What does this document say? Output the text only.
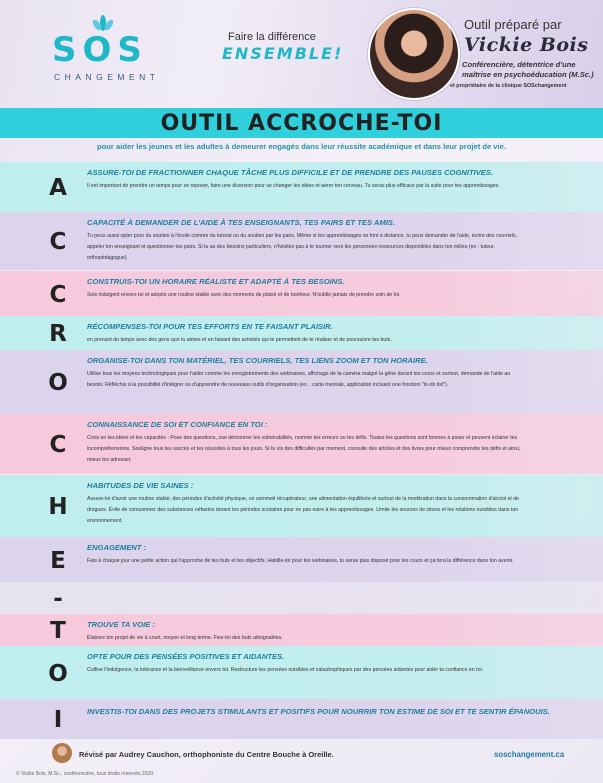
SOS
CHANGEMENT
Faire la différence
ENSEMBLE!
Outil préparé par
Vickie Bois
Conférencière, détentrice d'une maîtrise en psychoéducation (M.Sc.)
et propriétaire de la clinique SOSchangement
OUTIL ACCROCHE-TOI
pour aider les jeunes et les adultes à demeurer engagés dans leur réussite académique et dans leur projet de vie.
A
ASSURE-TOI DE FRACTIONNER CHAQUE TÂCHE PLUS DIFFICILE ET DE PRENDRE DES PAUSES COGNITIVES.
Il est important de prendre un temps pour se reposer, faire une diversion pour se changer les idées et aérer ton cerveau. Tu seras plus efficace par la suite pour tes apprentissages.
C
CAPACITÉ À DEMANDER DE L'AIDE À TES ENSEIGNANTS, TES PAIRS ET TES AMIS.
Tu peux aussi opter pour du soutien à l'école comme du tutorat ou du soutien par les pairs. Même si tes apprentissages se font à distance, tu peux demander de l'aide, écrire des courriels, appeler ton enseignant et questionner tes pairs. Si tu as des besoins particuliers, n'hésites pas à te tourner vers les personnes ressources disponibles dans ton milieu (ex : tuteur, orthopédagogue).
C	CONSTRUIS-TOI UN HORAIRE RÉALISTE ET ADAPTÉ À TES BESOINS.
Sois indulgent envers toi et adopte une routine stable avec des moments de plaisir et de bonheur. N'oublie jamais de prendre soin de toi.
R	RÉCOMPENSES-TOI POUR TES EFFORTS EN TE FAISANT PLAISIR.
en prenant du temps avec des gens que tu aimes et en faisant des activités qui te permettent de te réaliser et de poursuivre tes buts.
O
ORGANISE-TOI DANS TON MATÉRIEL, TES COURRIELS, TES LIENS ZOOM ET TON HORAIRE.
Utilise tous les moyens technologiques pour t'aider comme les enregistrements des webinaires, affichage de ta caméra malgré la gêne durant tes cours et surtout, demande de l'aide au besoin. Réfléchis à la possibilité d'intégrer ou d'apprendre de nouveaux outils d'organisation (ex. : carte mentale, application incluant une fonction "to-do list").
C
CONNAISSANCE DE SOI ET CONFIANCE EN TOI :
Crois en tes idées et tes capacités : Pose des questions, ose démontrer tes vulnérabilités, nomme tes erreurs ou tes défis. Toutes les questions sont bonnes à poser et peuvent éclairer tes incompréhensions. Souligne tous tes succès et tes réussites à tous les jours. Si tu vis des difficultés par moment, consulte des articles et des livres pour mieux comprendre tes défis et ainsi, mieux les adresser.
H
HABITUDES DE VIE SAINES :
Assure-toi d'avoir une routine stable, des périodes d'activité physique, un sommeil récupérateur, une alimentation équilibrée et surtout de la modération dans la consommation d'alcool et de drogues. Évite de consommer des substances néfastes durant tes périodes scolaires pour ne pas nuire à tes apprentissages. Limite les sources de stress et les relations nuisibles dans ton environnement.
E	ENGAGEMENT :
Fais à chaque jour une petite action qui t'approche de tes buts et tes objectifs. Habille-toi pour tes webinaires, tu seras plus disposé pour tes cours et ça fera la différence dans ton avenir.
-
T	TROUVE TA VOIE :
Élabore ton projet de vie à court, moyen et long terme. Fixe-toi des buts atteignables.
O
OPTE POUR DES PENSÉES POSITIVES ET AIDANTES.
Cultive l'indulgence, la tolérance et la bienveillance envers toi. Restructure tes pensées nuisibles et catastrophiques par des pensées aidantes pour aider ta confiance en toi.
I	INVESTIS-TOI DANS DES PROJETS STIMULANTS ET POSITIFS POUR NOURRIR TON ESTIME DE SOI ET TE SENTIR ÉPANOUIS.
Révisé par Audrey Cauchon, orthophoniste du Centre Bouche à Oreille.	soschangement.ca
© Vickie Bois, M.Sc., conférencière, tous droits réservés 2020.
